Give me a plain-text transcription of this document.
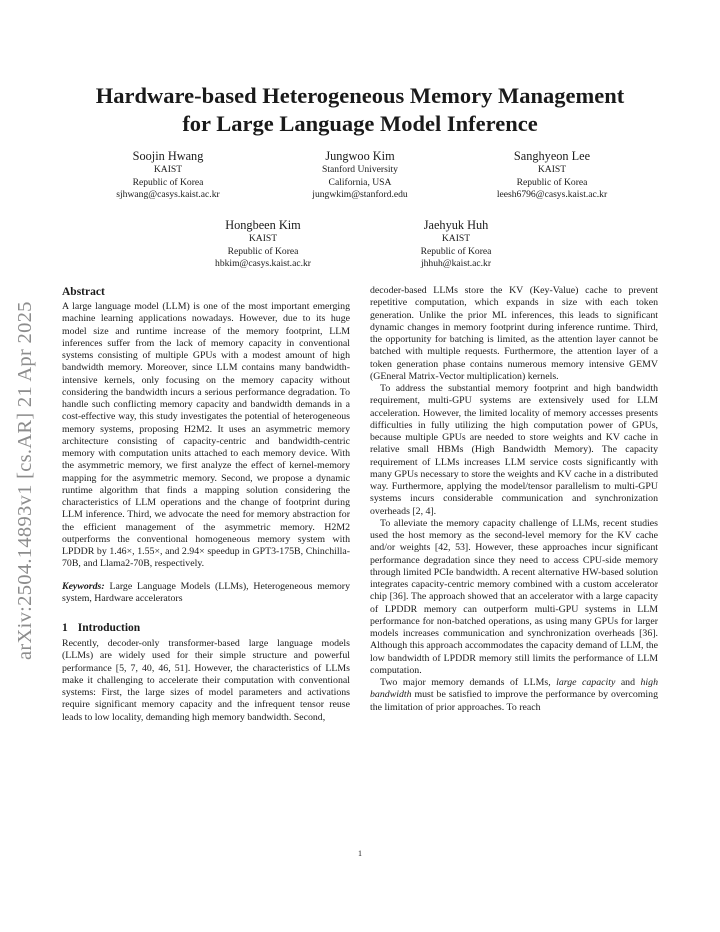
arXiv:2504.14893v1 [cs.AR] 21 Apr 2025
Hardware-based Heterogeneous Memory Management
for Large Language Model Inference
Soojin Hwang
KAIST
Republic of Korea
sjhwang@casys.kaist.ac.kr
Jungwoo Kim
Stanford University
California, USA
jungwkim@stanford.edu
Sanghyeon Lee
KAIST
Republic of Korea
leesh6796@casys.kaist.ac.kr
Hongbeen Kim
KAIST
Republic of Korea
hbkim@casys.kaist.ac.kr
Jaehyuk Huh
KAIST
Republic of Korea
jhhuh@kaist.ac.kr
Abstract

A large language model (LLM) is one of the most important emerging machine learning applications nowadays. However, due to its huge model size and runtime increase of the memory footprint, LLM inferences suffer from the lack of memory capacity in conventional systems consisting of multiple GPUs with a modest amount of high bandwidth memory. Moreover, since LLM contains many bandwidth-intensive kernels, only focusing on the memory capacity without considering the bandwidth incurs a serious performance degradation. To handle such conflicting memory capacity and bandwidth demands in a cost-effective way, this study investigates the potential of heterogeneous memory systems, proposing H2M2. It uses an asymmetric memory architecture consisting of capacity-centric and bandwidth-centric memory with computation units attached to each memory device. With the asymmetric memory, we first analyze the effect of kernel-memory mapping for the asymmetric memory. Second, we propose a dynamic runtime algorithm that finds a mapping solution considering the characteristics of LLM operations and the change of footprint during LLM inference. Third, we advocate the need for memory abstraction for the efficient management of the asymmetric memory. H2M2 outperforms the conventional homogeneous memory system with LPDDR by 1.46×, 1.55×, and 2.94× speedup in GPT3-175B, Chinchilla-70B, and Llama2-70B, respectively.

Keywords: Large Language Models (LLMs), Heterogeneous memory system, Hardware accelerators

1 Introduction

Recently, decoder-only transformer-based large language models (LLMs) are widely used for their simple structure and powerful performance [5, 7, 40, 46, 51]. However, the characteristics of LLMs make it challenging to accelerate their computation with conventional systems: First, the large sizes of model parameters and activations require significant memory capacity and the infrequent tensor reuse leads to low locality, demanding high memory bandwidth. Second,

decoder-based LLMs store the KV (Key-Value) cache to prevent repetitive computation, which expands in size with each token generation. Unlike the prior ML inferences, this leads to significant dynamic changes in memory footprint during inference runtime. Third, the opportunity for batching is limited, as the attention layer cannot be batched with multiple requests. Furthermore, the attention layer of a token generation phase contains numerous memory intensive GEMV (GEneral Matrix-Vector multiplication) kernels.

To address the substantial memory footprint and high bandwidth requirement, multi-GPU systems are extensively used for LLM acceleration. However, the limited locality of memory accesses presents difficulties in fully utilizing the high computation power of GPUs, because multiple GPUs are needed to store weights and KV cache in relative small HBMs (High Bandwidth Memory). The capacity requirement of LLMs increases LLM service costs significantly with many GPUs necessary to store the weights and KV cache in a distributed way. Furthermore, applying the model/tensor parallelism to multi-GPU systems incurs considerable communication and synchronization overheads [2, 4].

To alleviate the memory capacity challenge of LLMs, recent studies used the host memory as the second-level memory for the KV cache and/or weights [42, 53]. However, these approaches incur significant performance degradation since they need to access CPU-side memory through limited PCIe bandwidth. A recent alternative HW-based solution integrates capacity-centric memory combined with a custom accelerator chip [36]. The approach showed that an accelerator with a large capacity of LPDDR memory can outperform multi-GPU systems in LLM performance for non-batched operations, as using many GPUs for larger models increases communication and synchronization overheads [36]. Although this approach accommodates the capacity demand of LLM, the low bandwidth of LPDDR memory still limits the performance of LLM computation.

Two major memory demands of LLMs, large capacity and high bandwidth must be satisfied to improve the performance by overcoming the limitation of prior approaches. To reach

1
